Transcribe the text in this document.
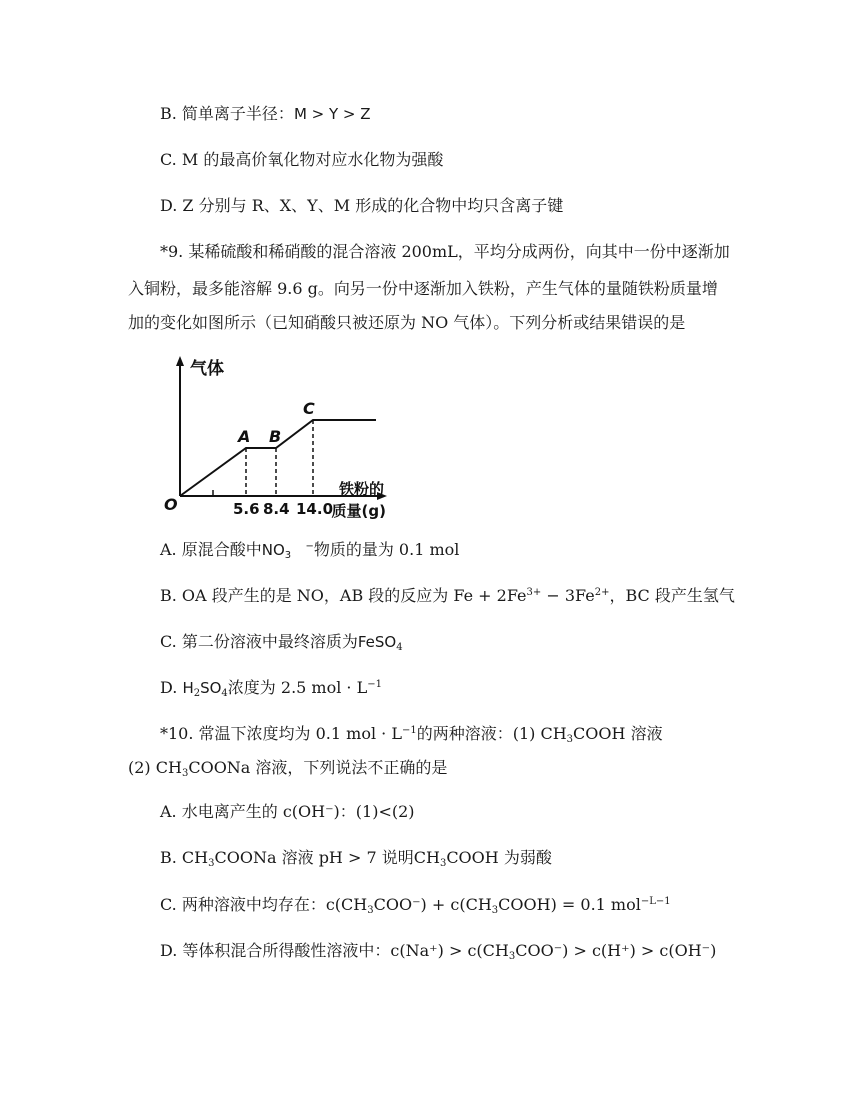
B. 简单离子半径：M > Y > Z
C. M 的最高价氧化物对应水化物为强酸
D. Z 分别与 R、X、Y、M 形成的化合物中均只含离子键
*9. 某稀硫酸和稀硝酸的混合溶液 200mL，平均分成两份，向其中一份中逐渐加
入铜粉，最多能溶解 9.6 g。向另一份中逐渐加入铁粉，产生气体的量随铁粉质量增
加的变化如图所示（已知硝酸只被还原为 NO 气体）。下列分析或结果错误的是
气体
O
A B
C
5.6 8.4 14.0
铁粉的
质量(g)
A. 原混合酸中$NO_3$   −物质的量为 0.1 mol
B. OA 段产生的是 NO，AB 段的反应为 $Fe + 2Fe^{3+} - 3Fe^{2+}$，BC 段产生氢气
C. 第二份溶液中最终溶质为FeSO$_4$
D. $H_2SO_4$浓度为 2.5 mol · $L^{-1}$
*10. 常温下浓度均为 0.1 mol · $L^{-1}$的两种溶液：(1) $CH_3COOH$ 溶液
(2) $CH_3COONa$ 溶液，下列说法不正确的是
A. 水电离产生的 c(OH⁻)：(1)<(2)
B. $CH_3COONa$ 溶液 pH > 7 说明$CH_3COOH$ 为弱酸
C. 两种溶液中均存在：$c(CH_3COO^-)$ + $c(CH_3COOH) = 0.1$ mol$^{-L-1}$
D. 等体积混合所得酸性溶液中：$c(Na^+) > c(CH_3COO^-) > c(H^+) > c(OH^-)$
